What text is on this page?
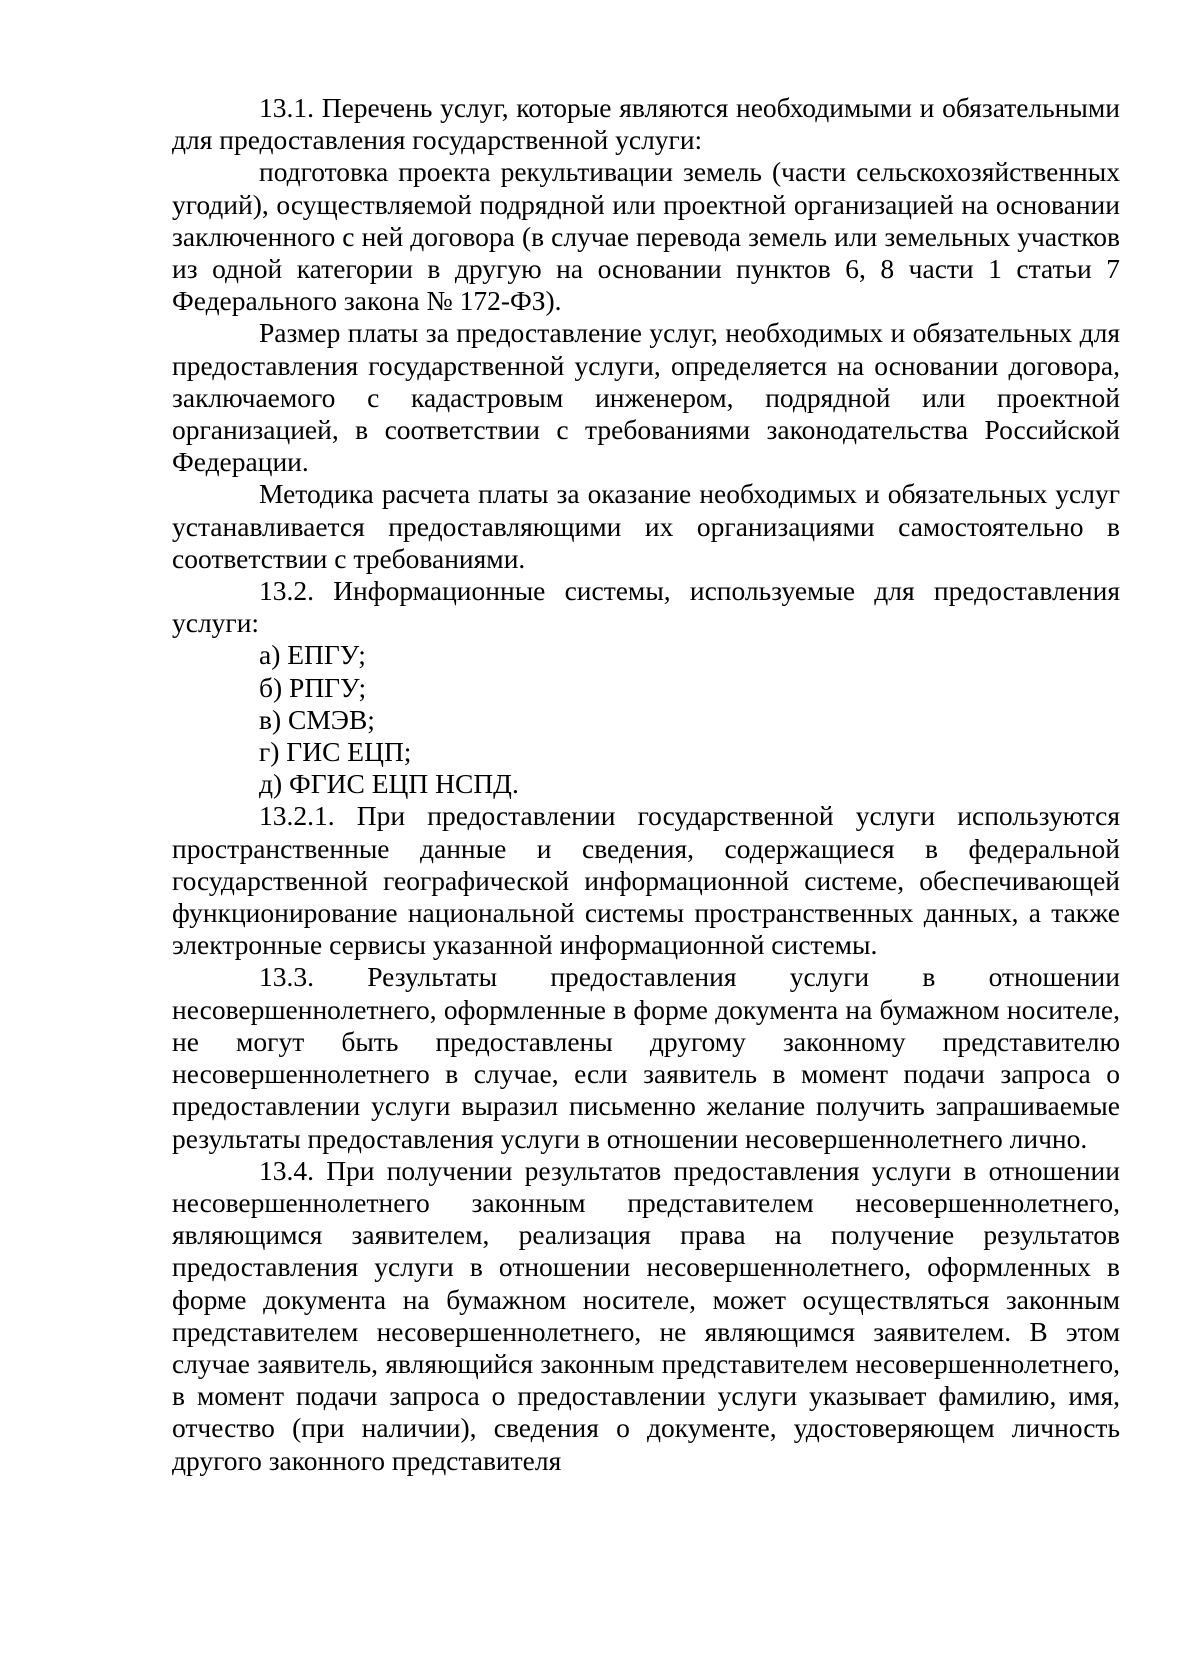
13.1. Перечень услуг, которые являются необходимыми и обязательными для предоставления государственной услуги:

подготовка проекта рекультивации земель (части сельскохозяйственных угодий), осуществляемой подрядной или проектной организацией на основании заключенного с ней договора (в случае перевода земель или земельных участков из одной категории в другую на основании пунктов 6, 8 части 1 статьи 7 Федерального закона № 172-ФЗ).

Размер платы за предоставление услуг, необходимых и обязательных для предоставления государственной услуги, определяется на основании договора, заключаемого с кадастровым инженером, подрядной или проектной организацией, в соответствии с требованиями законодательства Российской Федерации.

Методика расчета платы за оказание необходимых и обязательных услуг устанавливается предоставляющими их организациями самостоятельно в соответствии с требованиями.

13.2. Информационные системы, используемые для предоставления услуги:

а) ЕПГУ;

б) РПГУ;

в) СМЭВ;

г) ГИС ЕЦП;

д) ФГИС ЕЦП НСПД.

13.2.1. При предоставлении государственной услуги используются пространственные данные и сведения, содержащиеся в федеральной государственной географической информационной системе, обеспечивающей функционирование национальной системы пространственных данных, а также электронные сервисы указанной информационной системы.

13.3. Результаты предоставления услуги в отношении несовершеннолетнего, оформленные в форме документа на бумажном носителе, не могут быть предоставлены другому законному представителю несовершеннолетнего в случае, если заявитель в момент подачи запроса о предоставлении услуги выразил письменно желание получить запрашиваемые результаты предоставления услуги в отношении несовершеннолетнего лично.

13.4. При получении результатов предоставления услуги в отношении несовершеннолетнего законным представителем несовершеннолетнего, являющимся заявителем, реализация права на получение результатов предоставления услуги в отношении несовершеннолетнего, оформленных в форме документа на бумажном носителе, может осуществляться законным представителем несовершеннолетнего, не являющимся заявителем. В этом случае заявитель, являющийся законным представителем несовершеннолетнего, в момент подачи запроса о предоставлении услуги указывает фамилию, имя, отчество (при наличии), сведения о документе, удостоверяющем личность другого законного представителя
